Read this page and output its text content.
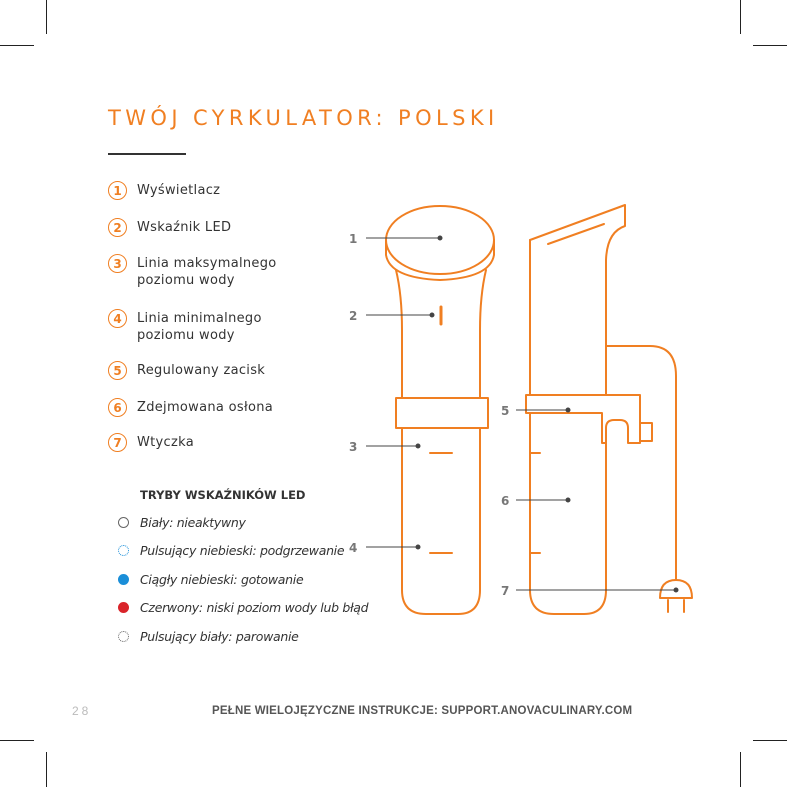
TWÓJ CYRKULATOR: POLSKI
1	Wyświetlacz
2	Wskaźnik LED
3	Linia maksymalnego poziomu wody
4	Linia minimalnego poziomu wody
5	Regulowany zacisk
6	Zdejmowana osłona
7	Wtyczka
TRYBY WSKAŹNIKÓW LED
Biały: nieaktywny
Pulsujący niebieski: podgrzewanie
Ciągły niebieski: gotowanie
Czerwony: niski poziom wody lub błąd
Pulsujący biały: parowanie
1
2
3
4
5
6
7
28	PEŁNE WIELOJĘZYCZNE INSTRUKCJE: SUPPORT.ANOVACULINARY.COM
